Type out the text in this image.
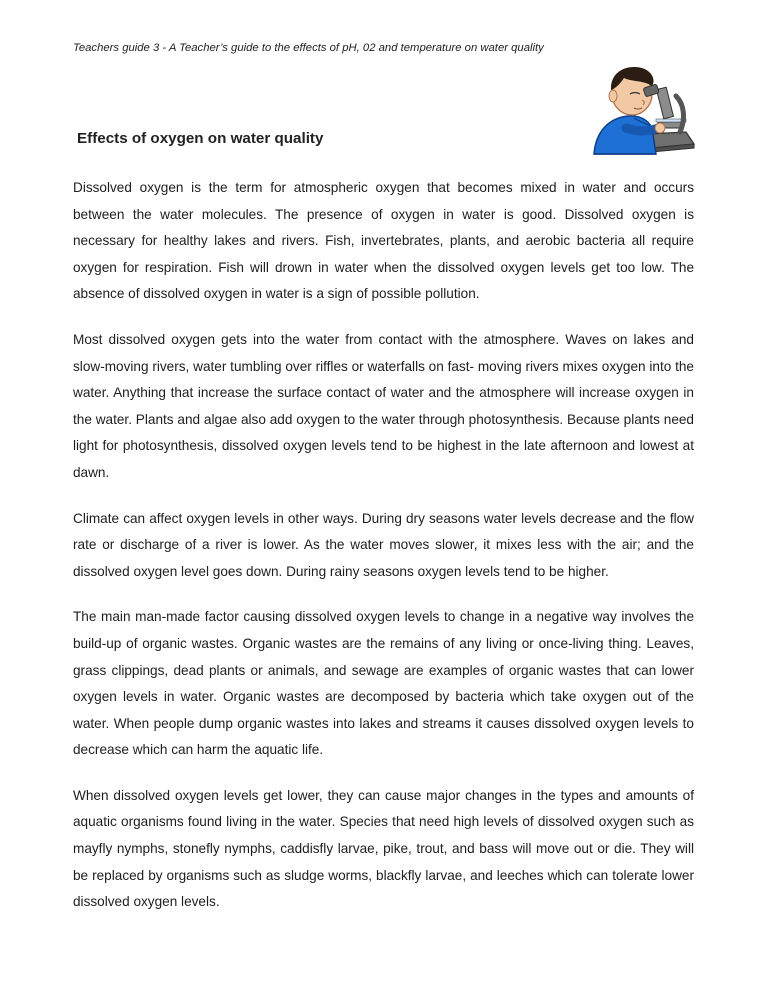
Teachers guide 3 - A Teacher’s guide to the effects of pH, 02 and temperature on water quality
Effects of oxygen on water quality

Dissolved oxygen is the term for atmospheric oxygen that becomes mixed in water and occurs between the water molecules. The presence of oxygen in water is good. Dissolved oxygen is necessary for healthy lakes and rivers. Fish, invertebrates, plants, and aerobic bacteria all require oxygen for respiration. Fish will drown in water when the dissolved oxygen levels get too low. The absence of dissolved oxygen in water is a sign of possible pollution.

Most dissolved oxygen gets into the water from contact with the atmosphere. Waves on lakes and slow-moving rivers, water tumbling over riffles or waterfalls on fast- moving rivers mixes oxygen into the water. Anything that increase the surface contact of water and the atmosphere will increase oxygen in the water. Plants and algae also add oxygen to the water through photosynthesis. Because plants need light for photosynthesis, dissolved oxygen levels tend to be highest in the late afternoon and lowest at dawn.

Climate can affect oxygen levels in other ways. During dry seasons water levels decrease and the flow rate or discharge of a river is lower. As the water moves slower, it mixes less with the air; and the dissolved oxygen level goes down. During rainy seasons oxygen levels tend to be higher.

The main man-made factor causing dissolved oxygen levels to change in a negative way involves the build-up of organic wastes. Organic wastes are the remains of any living or once-living thing. Leaves, grass clippings, dead plants or animals, and sewage are examples of organic wastes that can lower oxygen levels in water. Organic wastes are decomposed by bacteria which take oxygen out of the water. When people dump organic wastes into lakes and streams it causes dissolved oxygen levels to decrease which can harm the aquatic life.

When dissolved oxygen levels get lower, they can cause major changes in the types and amounts of aquatic organisms found living in the water. Species that need high levels of dissolved oxygen such as mayfly nymphs, stonefly nymphs, caddisfly larvae, pike, trout, and bass will move out or die. They will be replaced by organisms such as sludge worms, blackfly larvae, and leeches which can tolerate lower dissolved oxygen levels.
